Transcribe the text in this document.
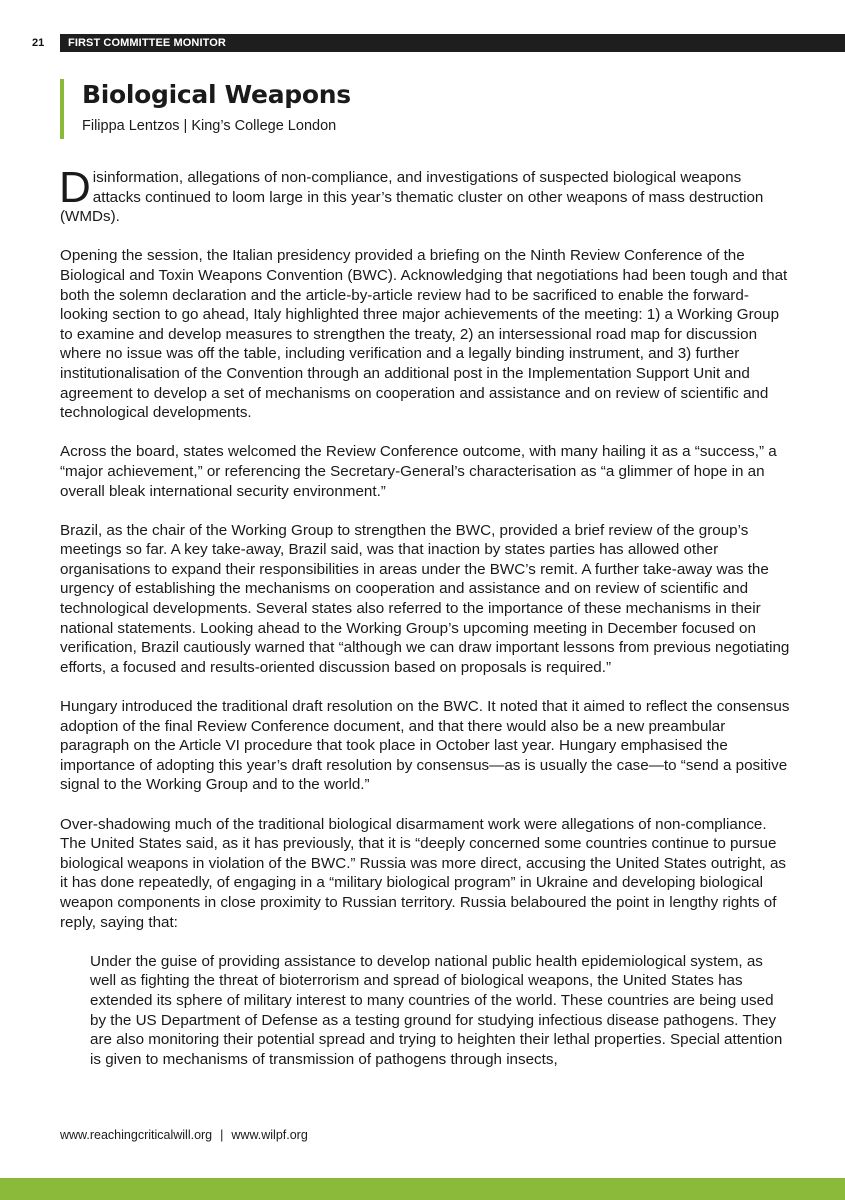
21	FIRST COMMITTEE MONITOR
Biological Weapons
Filippa Lentzos | King’s College London

Disinformation, allegations of non-compliance, and investigations of suspected biological weapons attacks continued to loom large in this year’s thematic cluster on other weapons of mass destruction (WMDs).

Opening the session, the Italian presidency provided a briefing on the Ninth Review Conference of the Biological and Toxin Weapons Convention (BWC). Acknowledging that negotiations had been tough and that both the solemn declaration and the article-by-article review had to be sacrificed to enable the forward-looking section to go ahead, Italy highlighted three major achievements of the meeting: 1) a Working Group to examine and develop measures to strengthen the treaty, 2) an intersessional road map for discussion where no issue was off the table, including verification and a legally binding instrument, and 3) further institutionalisation of the Convention through an additional post in the Implementation Support Unit and agreement to develop a set of mechanisms on cooperation and assistance and on review of scientific and technological developments.

Across the board, states welcomed the Review Conference outcome, with many hailing it as a “success,” a “major achievement,” or referencing the Secretary-General’s characterisation as “a glimmer of hope in an overall bleak international security environment.”

Brazil, as the chair of the Working Group to strengthen the BWC, provided a brief review of the group’s meetings so far. A key take-away, Brazil said, was that inaction by states parties has allowed other organisations to expand their responsibilities in areas under the BWC’s remit. A further take-away was the urgency of establishing the mechanisms on cooperation and assistance and on review of scientific and technological developments. Several states also referred to the importance of these mechanisms in their national statements. Looking ahead to the Working Group’s upcoming meeting in December focused on verification, Brazil cautiously warned that “although we can draw important lessons from previous negotiating efforts, a focused and results-oriented discussion based on proposals is required.”

Hungary introduced the traditional draft resolution on the BWC. It noted that it aimed to reflect the consensus adoption of the final Review Conference document, and that there would also be a new preambular paragraph on the Article VI procedure that took place in October last year. Hungary emphasised the importance of adopting this year’s draft resolution by consensus—as is usually the case—to “send a positive signal to the Working Group and to the world.”

Over-shadowing much of the traditional biological disarmament work were allegations of non-compliance. The United States said, as it has previously, that it is “deeply concerned some countries continue to pursue biological weapons in violation of the BWC.” Russia was more direct, accusing the United States outright, as it has done repeatedly, of engaging in a “military biological program” in Ukraine and developing biological weapon components in close proximity to Russian territory. Russia belaboured the point in lengthy rights of reply, saying that:

Under the guise of providing assistance to develop national public health epidemiological system, as well as fighting the threat of bioterrorism and spread of biological weapons, the United States has extended its sphere of military interest to many countries of the world. These countries are being used by the US Department of Defense as a testing ground for studying infectious disease pathogens. They are also monitoring their potential spread and trying to heighten their lethal properties. Special attention is given to mechanisms of transmission of pathogens through insects,

www.reachingcriticalwill.org | www.wilpf.org
